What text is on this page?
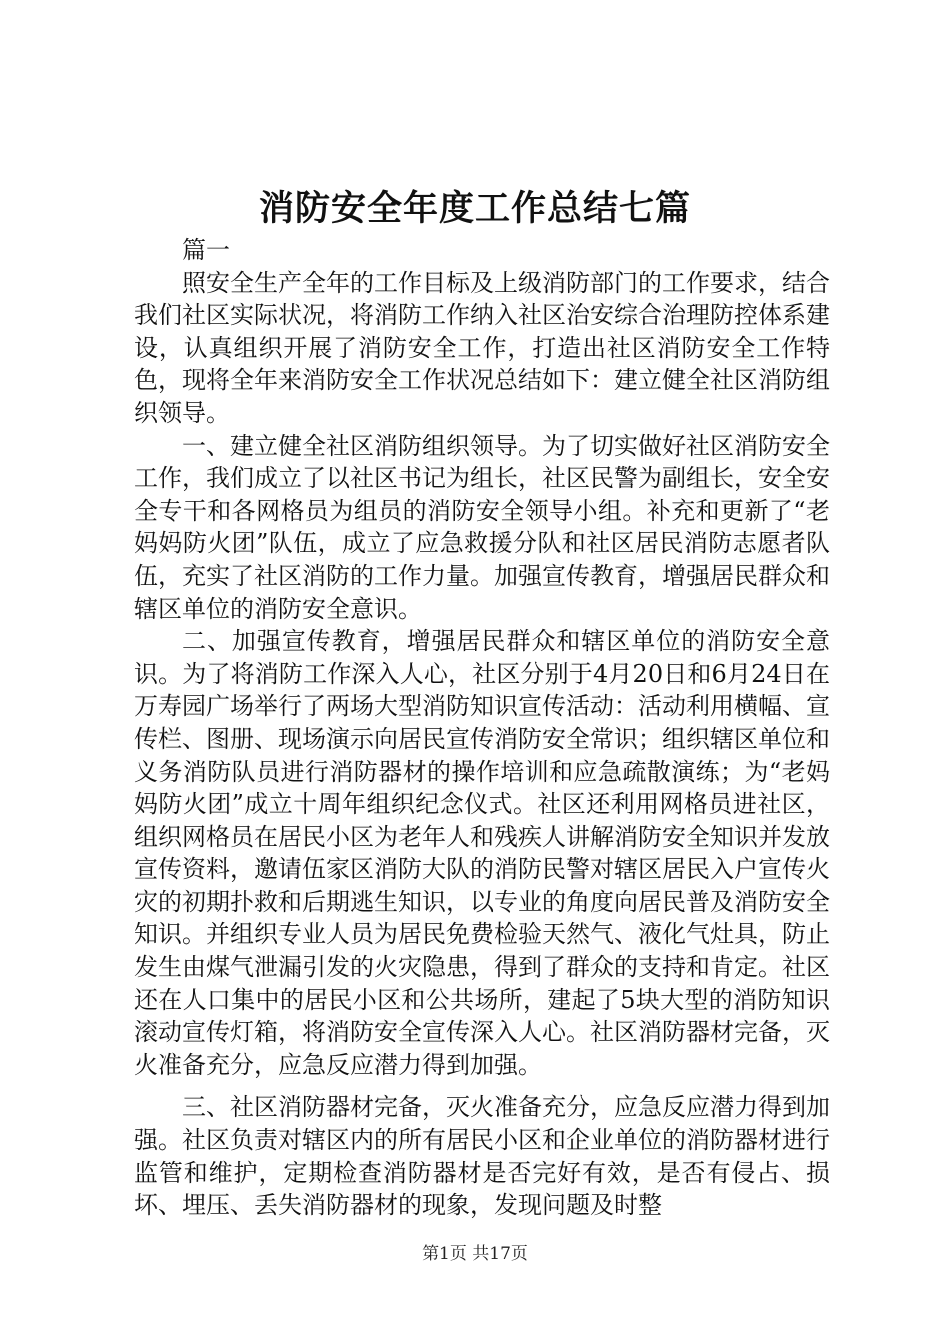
消防安全年度工作总结七篇

篇一

照安全生产全年的工作目标及上级消防部门的工作要求，结合我们社区实际状况，将消防工作纳入社区治安综合治理防控体系建设，认真组织开展了消防安全工作，打造出社区消防安全工作特色，现将全年来消防安全工作状况总结如下：建立健全社区消防组织领导。

一、建立健全社区消防组织领导。为了切实做好社区消防安全工作，我们成立了以社区书记为组长，社区民警为副组长，安全安全专干和各网格员为组员的消防安全领导小组。补充和更新了“老妈妈防火团”队伍，成立了应急救援分队和社区居民消防志愿者队伍，充实了社区消防的工作力量。加强宣传教育，增强居民群众和辖区单位的消防安全意识。

二、加强宣传教育，增强居民群众和辖区单位的消防安全意识。为了将消防工作深入人心，社区分别于4月20日和6月24日在万寿园广场举行了两场大型消防知识宣传活动：活动利用横幅、宣传栏、图册、现场演示向居民宣传消防安全常识；组织辖区单位和义务消防队员进行消防器材的操作培训和应急疏散演练；为“老妈妈防火团”成立十周年组织纪念仪式。社区还利用网格员进社区，组织网格员在居民小区为老年人和残疾人讲解消防安全知识并发放宣传资料，邀请伍家区消防大队的消防民警对辖区居民入户宣传火灾的初期扑救和后期逃生知识，以专业的角度向居民普及消防安全知识。并组织专业人员为居民免费检验天然气、液化气灶具，防止发生由煤气泄漏引发的火灾隐患，得到了群众的支持和肯定。社区还在人口集中的居民小区和公共场所，建起了5块大型的消防知识滚动宣传灯箱，将消防安全宣传深入人心。社区消防器材完备，灭火准备充分，应急反应潜力得到加强。

三、社区消防器材完备，灭火准备充分，应急反应潜力得到加强。社区负责对辖区内的所有居民小区和企业单位的消防器材进行监管和维护，定期检查消防器材是否完好有效，是否有侵占、损坏、埋压、丢失消防器材的现象，发现问题及时整

第1页 共17页
